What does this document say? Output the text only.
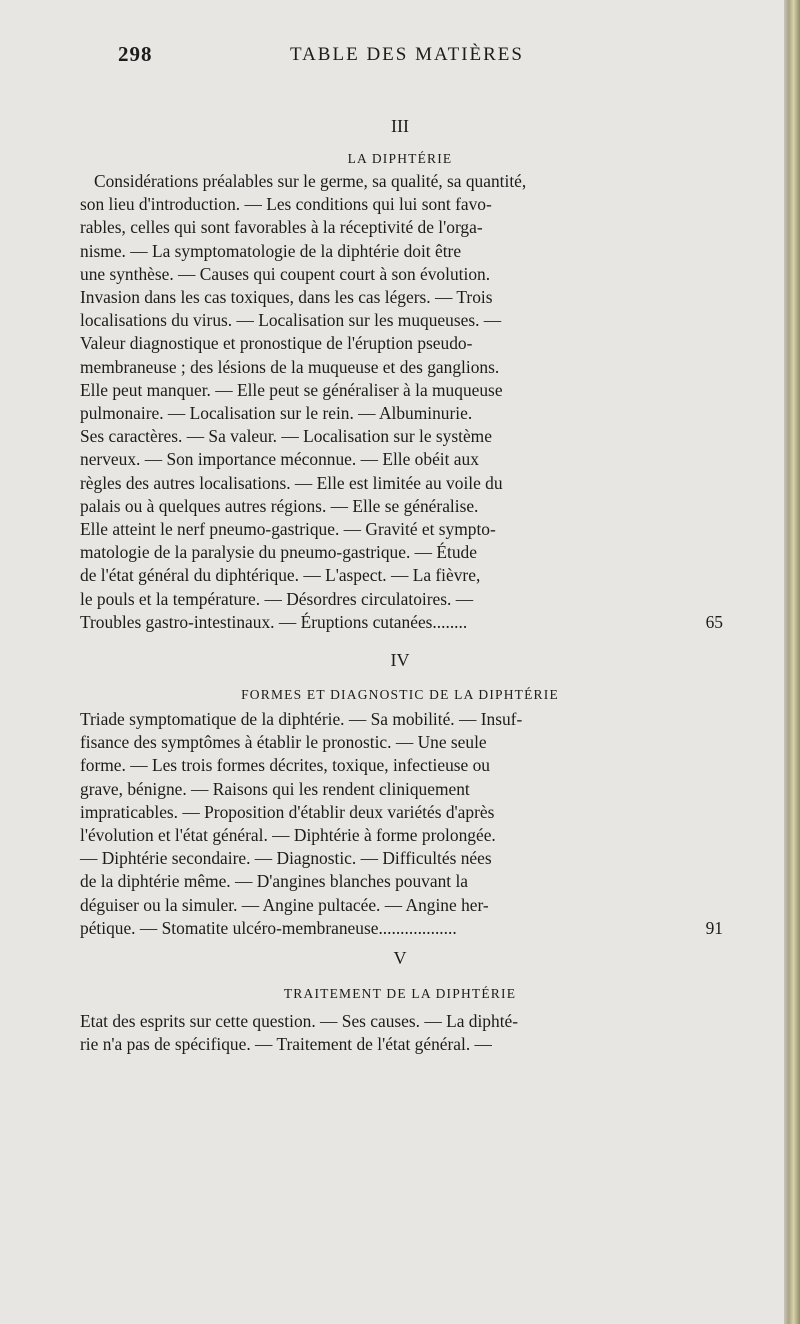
298	TABLE DES MATIÈRES
III
LA DIPHTÉRIE
Considérations préalables sur le germe, sa qualité, sa quantité,
son lieu d'introduction. — Les conditions qui lui sont favo-
rables, celles qui sont favorables à la réceptivité de l'orga-
nisme. — La symptomatologie de la diphtérie doit être
une synthèse. — Causes qui coupent court à son évolution.
Invasion dans les cas toxiques, dans les cas légers. — Trois
localisations du virus. — Localisation sur les muqueuses. —
Valeur diagnostique et pronostique de l'éruption pseudo-
membraneuse ; des lésions de la muqueuse et des ganglions.
Elle peut manquer. — Elle peut se généraliser à la muqueuse
pulmonaire. — Localisation sur le rein. — Albuminurie.
Ses caractères. — Sa valeur. — Localisation sur le système
nerveux. — Son importance méconnue. — Elle obéit aux
règles des autres localisations. — Elle est limitée au voile du
palais ou à quelques autres régions. — Elle se généralise.
Elle atteint le nerf pneumo-gastrique. — Gravité et sympto-
matologie de la paralysie du pneumo-gastrique. — Étude
de l'état général du diphtérique. — L'aspect. — La fièvre,
le pouls et la température. — Désordres circulatoires. —
Troubles gastro-intestinaux. — Éruptions cutanées........	65
IV
FORMES ET DIAGNOSTIC DE LA DIPHTÉRIE
Triade symptomatique de la diphtérie. — Sa mobilité. — Insuf-
fisance des symptômes à établir le pronostic. — Une seule
forme. — Les trois formes décrites, toxique, infectieuse ou
grave, bénigne. — Raisons qui les rendent cliniquement
impraticables. — Proposition d'établir deux variétés d'après
l'évolution et l'état général. — Diphtérie à forme prolongée.
— Diphtérie secondaire. — Diagnostic. — Difficultés nées
de la diphtérie même. — D'angines blanches pouvant la
déguiser ou la simuler. — Angine pultacée. — Angine her-
pétique. — Stomatite ulcéro-membraneuse..................	91
V
TRAITEMENT DE LA DIPHTÉRIE
Etat des esprits sur cette question. — Ses causes. — La diphté-
rie n'a pas de spécifique. — Traitement de l'état général. —
